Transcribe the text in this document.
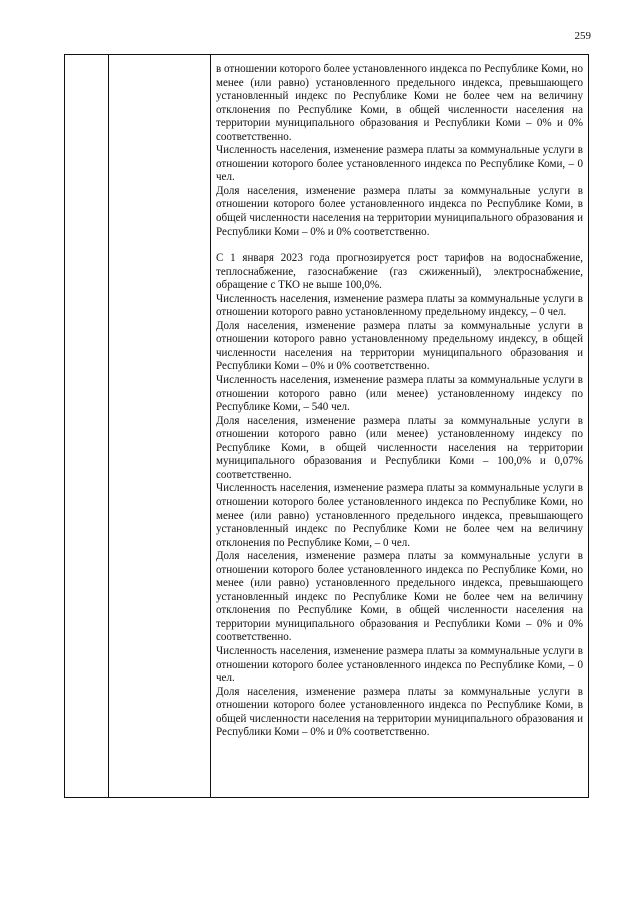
259

в отношении которого более установленного индекса по Республике Коми, но менее (или равно) установленного предельного индекса, превышающего установленный индекс по Республике Коми не более чем на величину отклонения по Республике Коми, в общей численности населения на территории муниципального образования и Республики Коми – 0% и 0% соответственно.

Численность населения, изменение размера платы за коммунальные услуги в отношении которого более установленного индекса по Республике Коми, – 0 чел.

Доля населения, изменение размера платы за коммунальные услуги в отношении которого более установленного индекса по Республике Коми, в общей численности населения на территории муниципального образования и Республики Коми – 0% и 0% соответственно.

С 1 января 2023 года прогнозируется рост тарифов на водоснабжение, теплоснабжение, газоснабжение (газ сжиженный), электроснабжение, обращение с ТКО не выше 100,0%.

Численность населения, изменение размера платы за коммунальные услуги в отношении которого равно установленному предельному индексу, – 0 чел.

Доля населения, изменение размера платы за коммунальные услуги в отношении которого равно установленному предельному индексу, в общей численности населения на территории муниципального образования и Республики Коми – 0% и 0% соответственно.

Численность населения, изменение размера платы за коммунальные услуги в отношении которого равно (или менее) установленному индексу по Республике Коми, – 540 чел.

Доля населения, изменение размера платы за коммунальные услуги в отношении которого равно (или менее) установленному индексу по Республике Коми, в общей численности населения на территории муниципального образования и Республики Коми – 100,0% и 0,07% соответственно.

Численность населения, изменение размера платы за коммунальные услуги в отношении которого более установленного индекса по Республике Коми, но менее (или равно) установленного предельного индекса, превышающего установленный индекс по Республике Коми не более чем на величину отклонения по Республике Коми, – 0 чел.

Доля населения, изменение размера платы за коммунальные услуги в отношении которого более установленного индекса по Республике Коми, но менее (или равно) установленного предельного индекса, превышающего установленный индекс по Республике Коми не более чем на величину отклонения по Республике Коми, в общей численности населения на территории муниципального образования и Республики Коми – 0% и 0% соответственно.

Численность населения, изменение размера платы за коммунальные услуги в отношении которого более установленного индекса по Республике Коми, – 0 чел.

Доля населения, изменение размера платы за коммунальные услуги в отношении которого более установленного индекса по Республике Коми, в общей численности населения на территории муниципального образования и Республики Коми – 0% и 0% соответственно.
